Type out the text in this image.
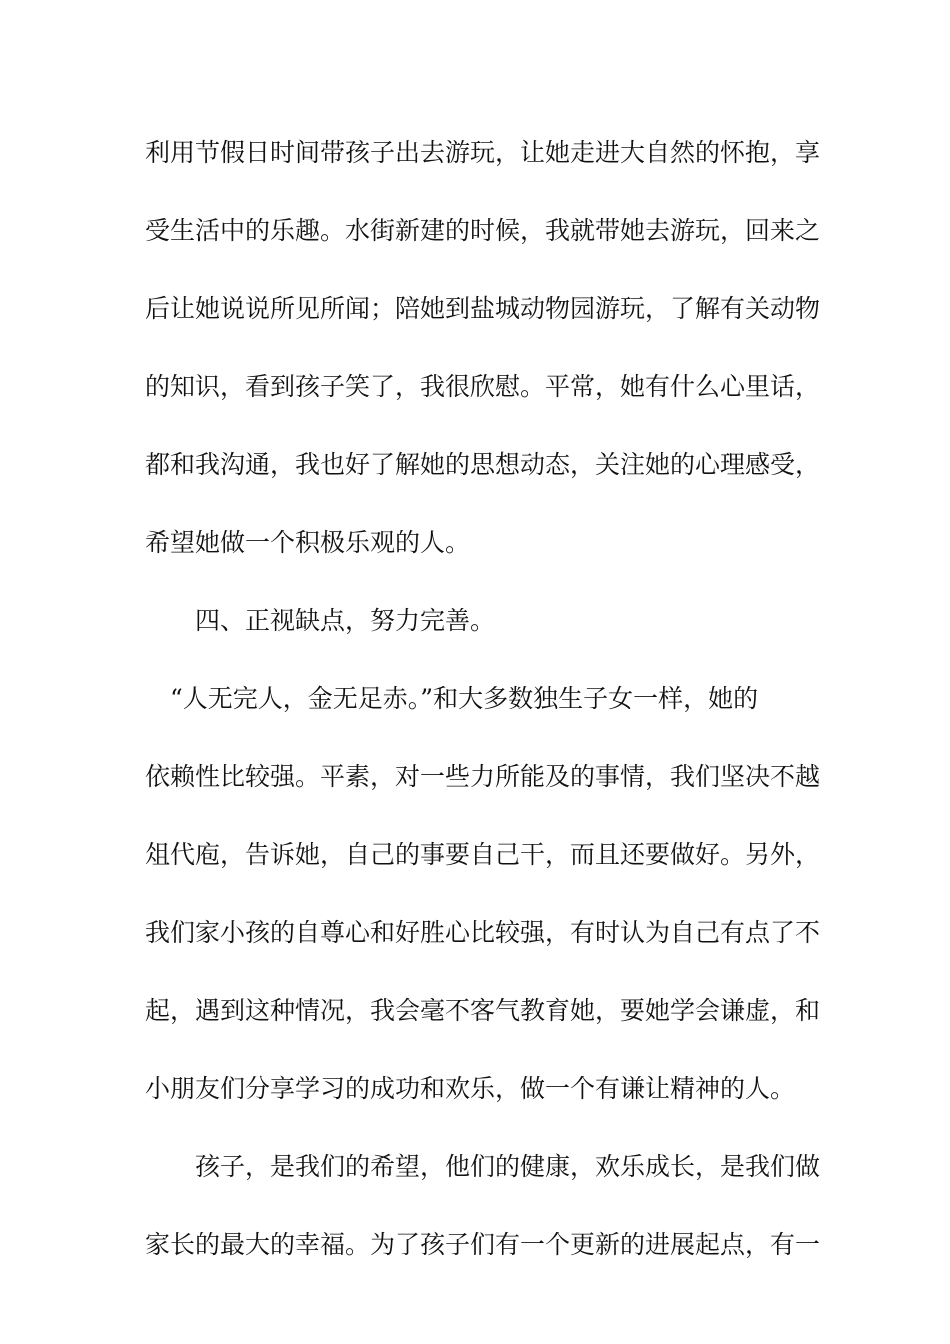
利用节假日时间带孩子出去游玩，让她走进大自然的怀抱，享
受生活中的乐趣。水街新建的时候，我就带她去游玩，回来之
后让她说说所见所闻；陪她到盐城动物园游玩，了解有关动物
的知识，看到孩子笑了，我很欣慰。平常，她有什么心里话，
都和我沟通，我也好了解她的思想动态，关注她的心理感受，
希望她做一个积极乐观的人。
　　四、正视缺点，努力完善。
　“人无完人，金无足赤。”和大多数独生子女一样，她的
依赖性比较强。平素，对一些力所能及的事情，我们坚决不越
俎代庖，告诉她，自己的事要自己干，而且还要做好。另外，
我们家小孩的自尊心和好胜心比较强，有时认为自己有点了不
起，遇到这种情况，我会毫不客气教育她，要她学会谦虚，和
小朋友们分享学习的成功和欢乐，做一个有谦让精神的人。
　　孩子，是我们的希望，他们的健康，欢乐成长，是我们做
家长的最大的幸福。为了孩子们有一个更新的进展起点，有一
